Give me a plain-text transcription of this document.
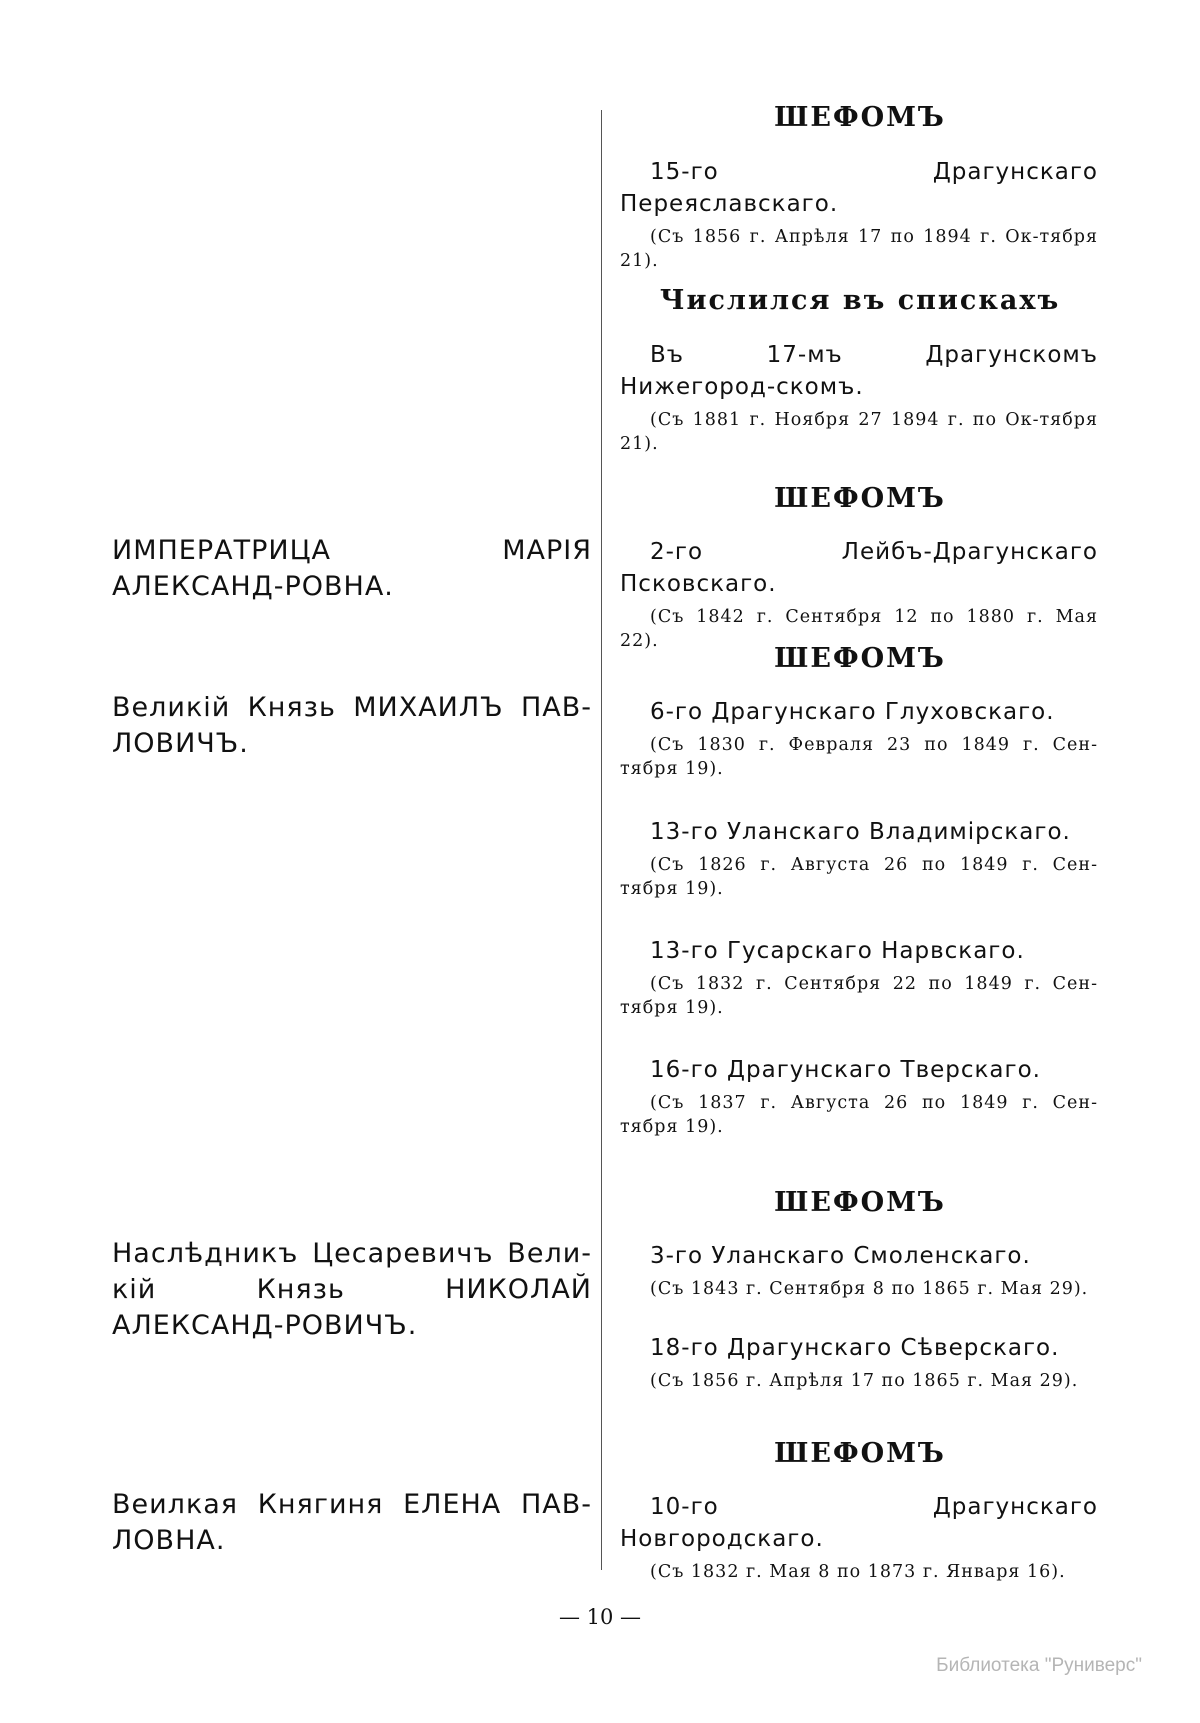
ШЕФОМЪ
15-го Драгунскаго Переяславскаго.
(Съ 1856 г. Апрѣля 17 по 1894 г. Ок-тября 21).
Числился въ спискахъ
Въ 17-мъ Драгунскомъ Нижегород-скомъ.
(Съ 1881 г. Ноября 27 1894 г. по Ок-тября 21).
ИМПЕРАТРИЦА МАРІЯ АЛЕКСАНД-РОВНА.
ШЕФОМЪ
2-го Лейбъ-Драгунскаго Псковскаго.
(Съ 1842 г. Сентября 12 по 1880 г. Мая 22).
Великій Князь МИХАИЛЪ ПАВ-ЛОВИЧЪ.
ШЕФОМЪ
6-го Драгунскаго Глуховскаго.
(Съ 1830 г. Февраля 23 по 1849 г. Сен-тября 19).
13-го Уланскаго Владимірскаго.
(Съ 1826 г. Августа 26 по 1849 г. Сен-тября 19).
13-го Гусарскаго Нарвскаго.
(Съ 1832 г. Сентября 22 по 1849 г. Сен-тября 19).
16-го Драгунскаго Тверскаго.
(Съ 1837 г. Августа 26 по 1849 г. Сен-тября 19).
Наслѣдникъ Цесаревичъ Вели-кій Князь НИКОЛАЙ АЛЕКСАНД-РОВИЧЪ.
ШЕФОМЪ
3-го Уланскаго Смоленскаго.
(Съ 1843 г. Сентября 8 по 1865 г. Мая 29).
18-го Драгунскаго Сѣверскаго.
(Съ 1856 г. Апрѣля 17 по 1865 г. Мая 29).
Веилкая Княгиня ЕЛЕНА ПАВ-ЛОВНА.
ШЕФОМЪ
10-го Драгунскаго Новгородскаго.
(Съ 1832 г. Мая 8 по 1873 г. Января 16).
— 10 —
Библиотека "Руниверс"
